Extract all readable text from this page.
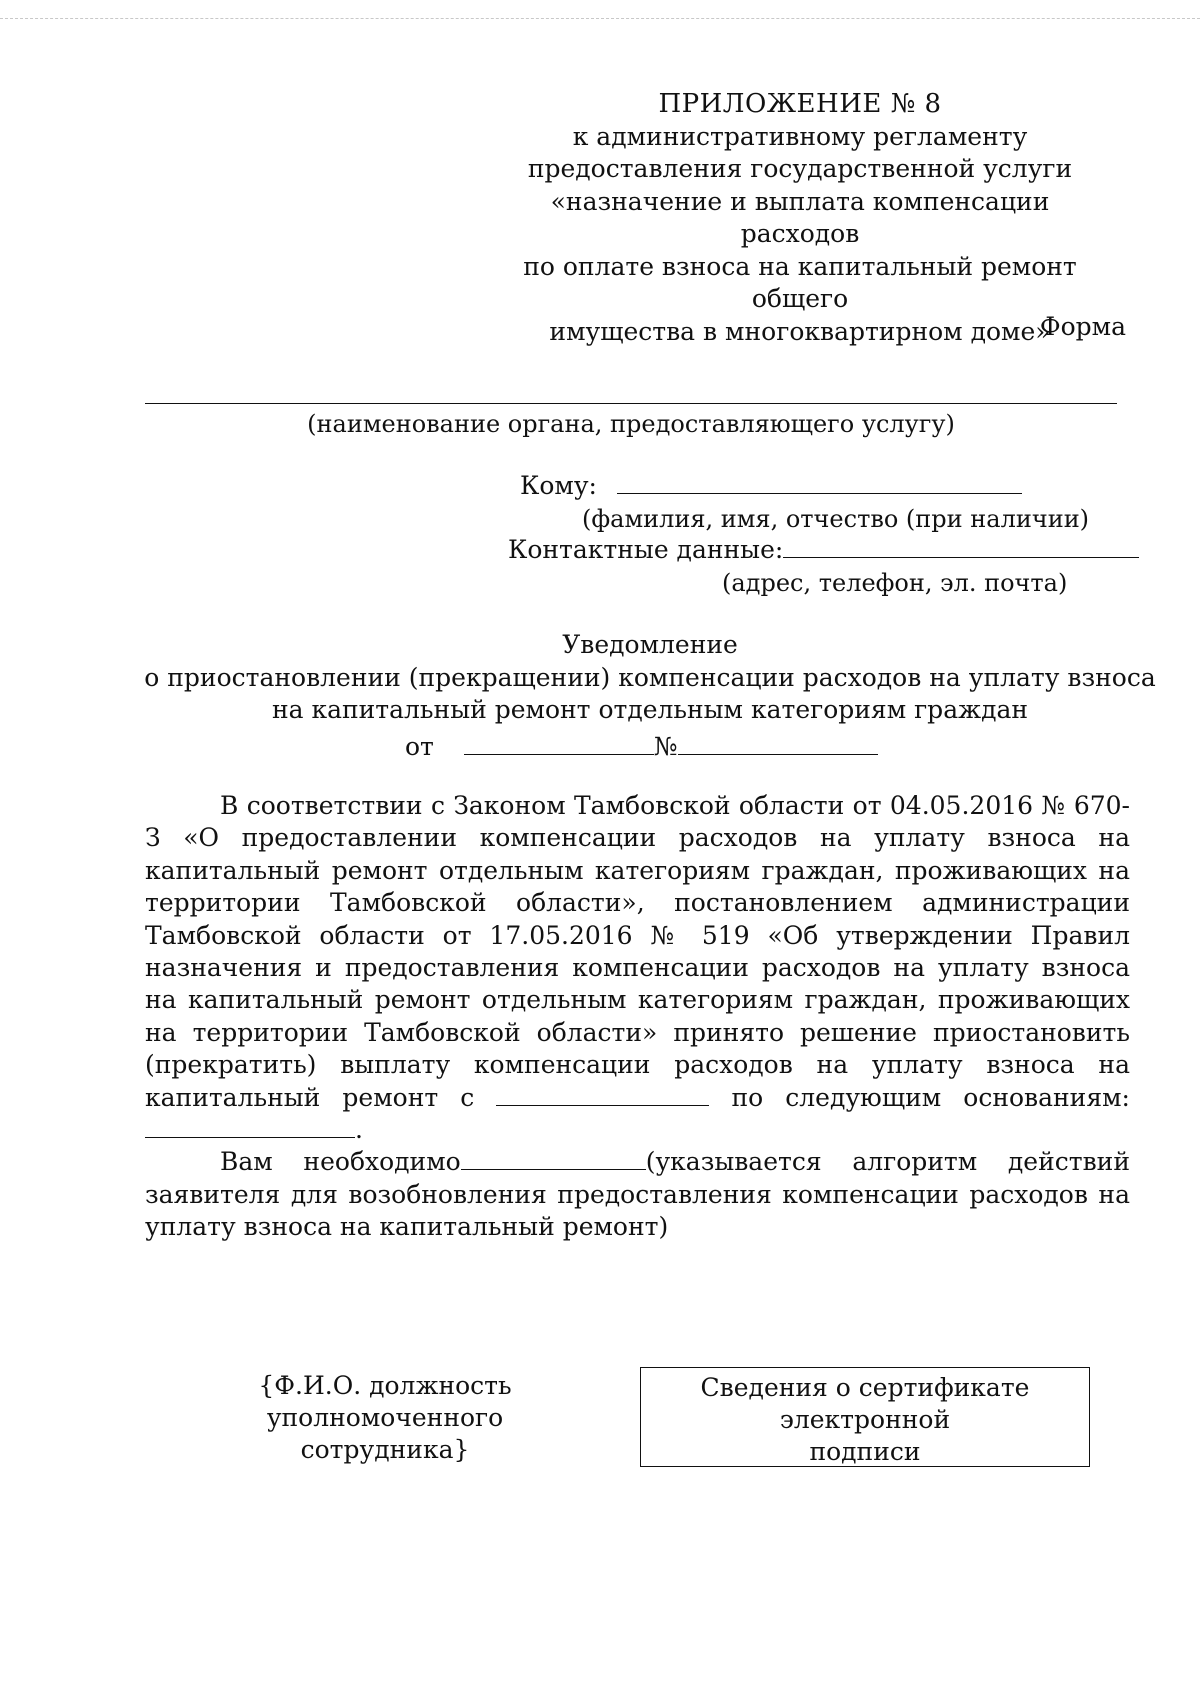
ПРИЛОЖЕНИЕ № 8
к административному регламенту
предоставления государственной услуги
«назначение и выплата компенсации расходов
по оплате взноса на капитальный ремонт общего
имущества в многоквартирном доме»
Форма
(наименование органа, предоставляющего услугу)
Кому:
(фамилия, имя, отчество (при наличии)
Контактные данные:
(адрес, телефон, эл. почта)
Уведомление
о приостановлении (прекращении) компенсации расходов на уплату взноса
на капитальный ремонт отдельным категориям граждан
от	№

В соответствии с Законом Тамбовской области от 04.05.2016 № 670-З «О предоставлении компенсации расходов на уплату взноса на капитальный ремонт отдельным категориям граждан, проживающих на территории Тамбовской области», постановлением администрации Тамбовской области от 17.05.2016 № 519 «Об утверждении Правил назначения и предоставления компенсации расходов на уплату взноса на капитальный ремонт отдельным категориям граждан, проживающих на территории Тамбовской области» принято решение приостановить (прекратить) выплату компенсации расходов на уплату взноса на капитальный ремонт с	по следующим основаниям: .

Вам необходимо	(указывается алгоритм действий заявителя для возобновления предоставления компенсации расходов на уплату взноса на капитальный ремонт)

{Ф.И.О. должность уполномоченного
сотрудника}
Сведения о сертификате
электронной
подписи
